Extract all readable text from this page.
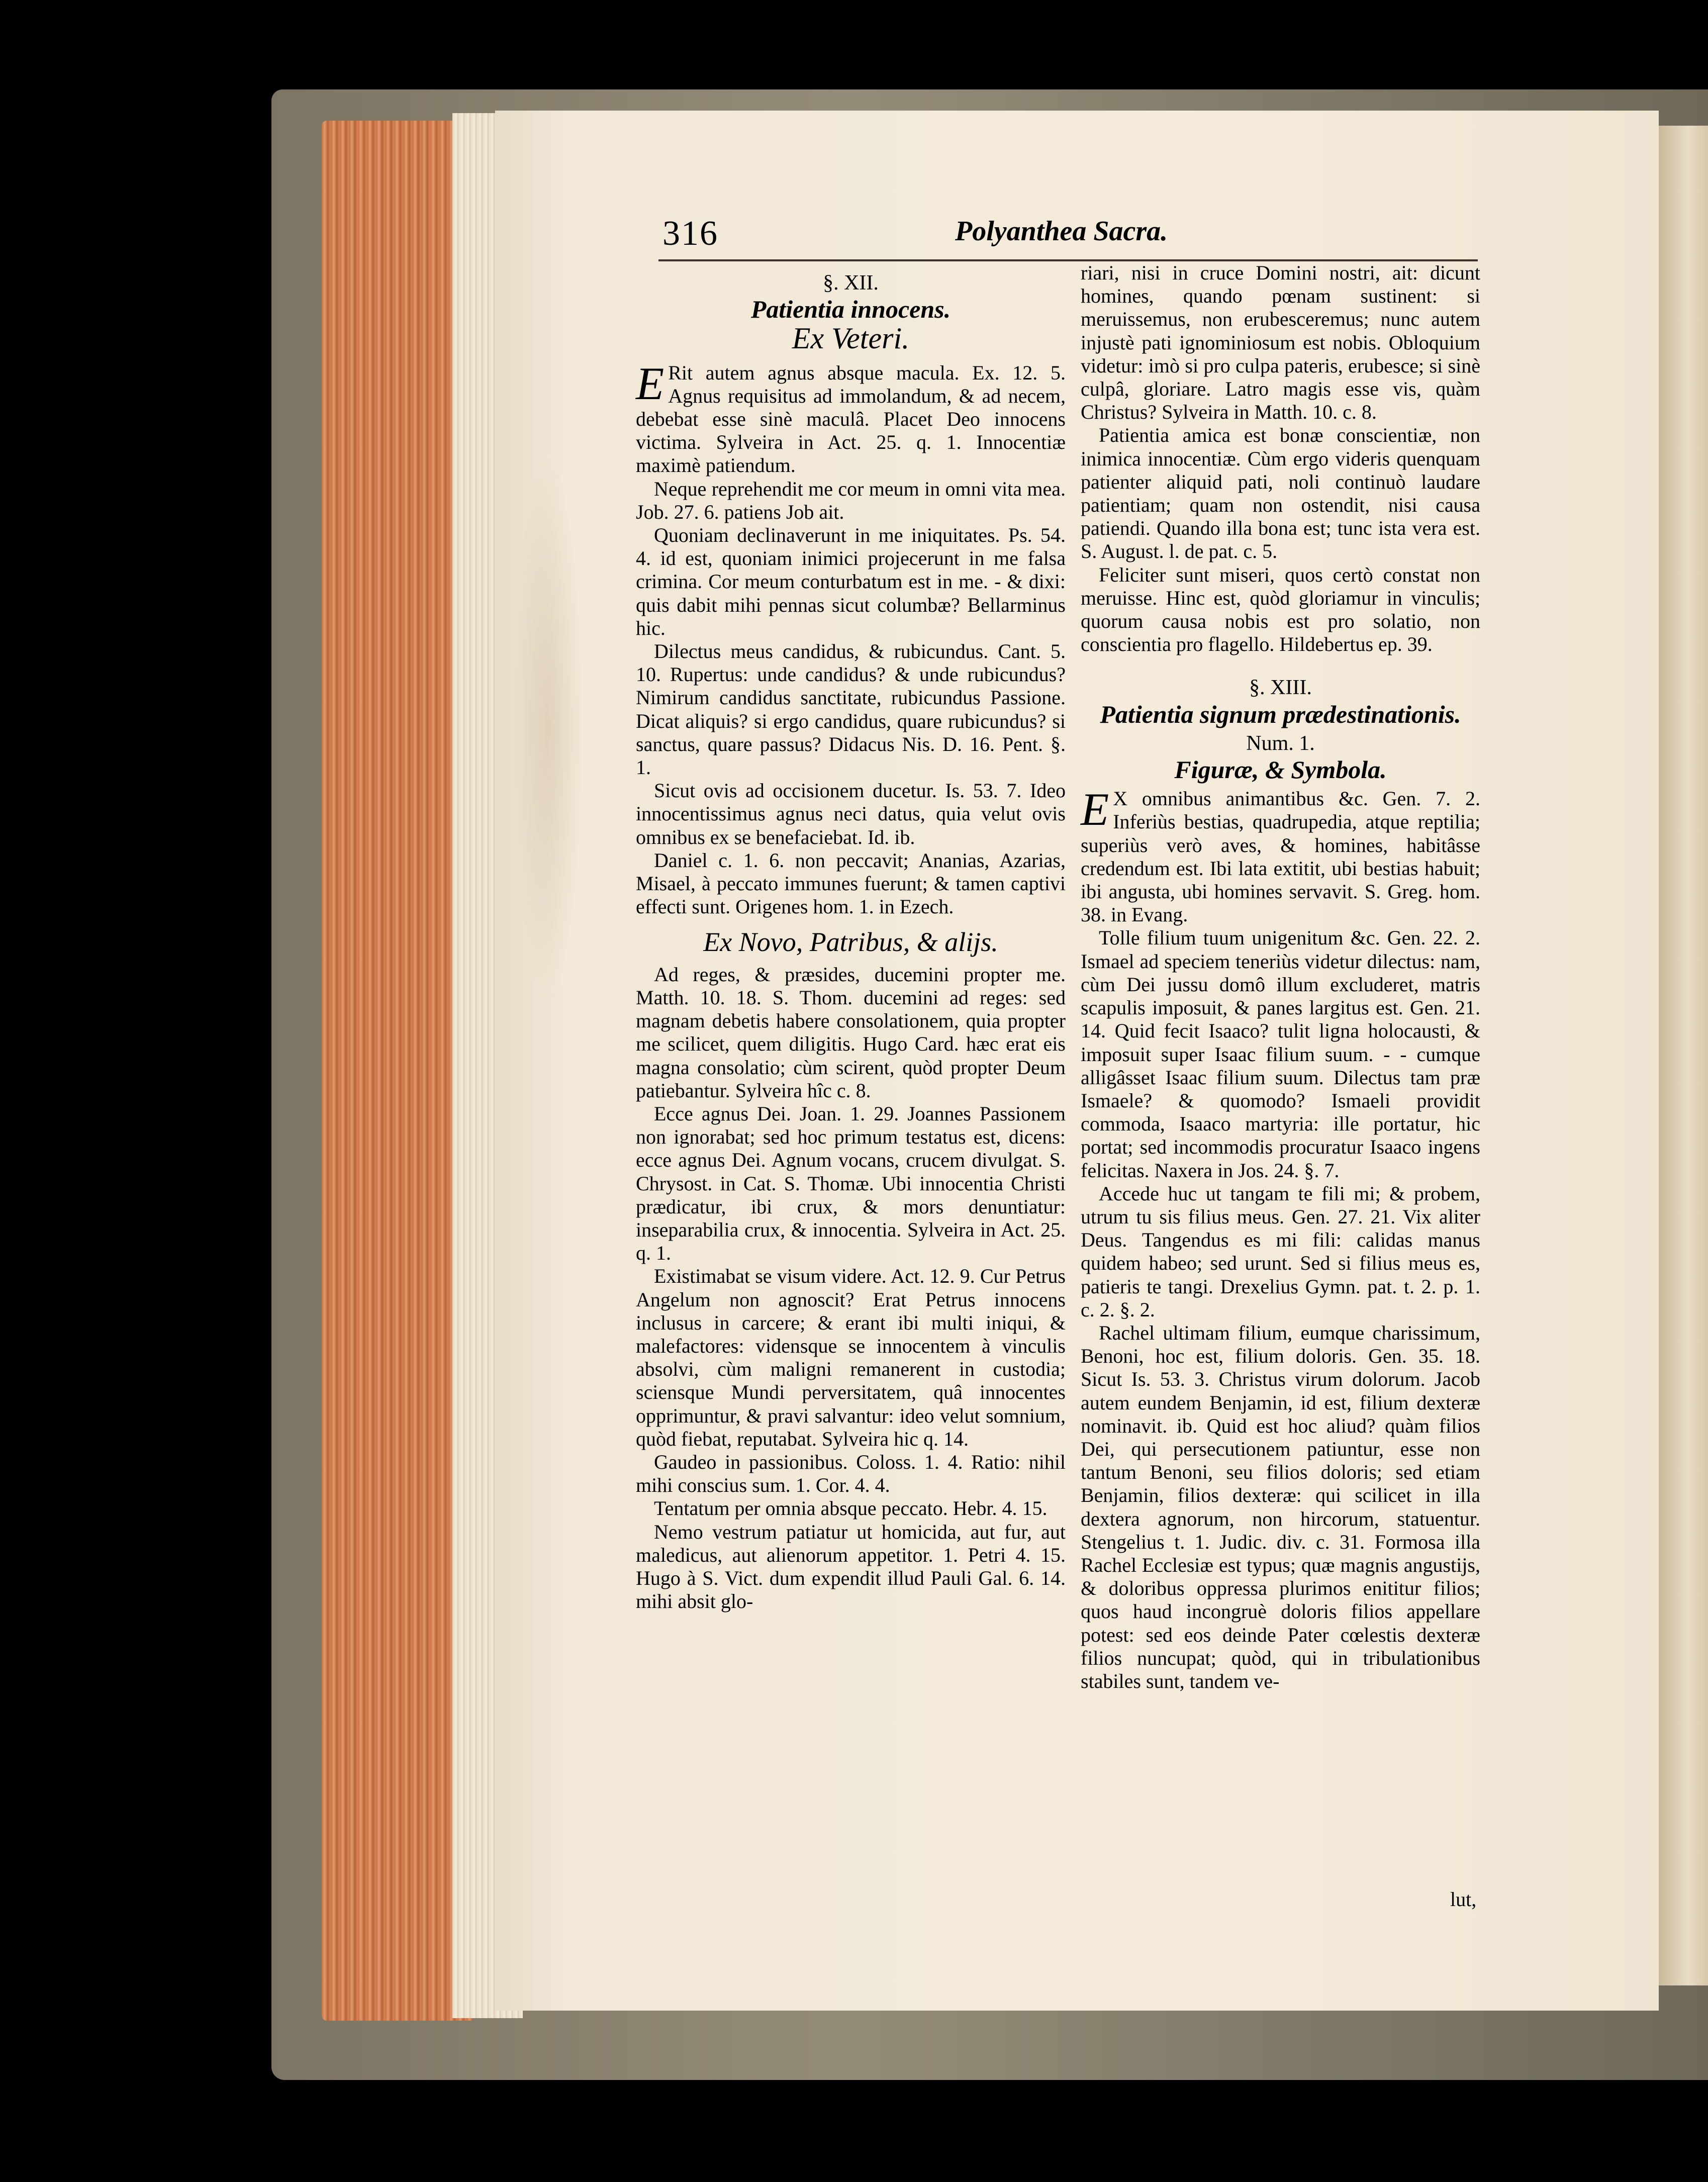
316	Polyanthea Sacra.
§. XII.
Patientia innocens.
Ex Veteri.

E Rit autem agnus absque macula. Ex. 12. 5. Agnus requisitus ad immolandum, & ad necem, debebat esse sinè maculâ. Placet Deo innocens victima. Sylveira in Act. 25. q. 1. Innocentiæ maximè patiendum.

Neque reprehendit me cor meum in omni vita mea. Job. 27. 6. patiens Job ait.

Quoniam declinaverunt in me iniquitates. Ps. 54. 4. id est, quoniam inimici projecerunt in me falsa crimina. Cor meum conturbatum est in me. - & dixi: quis dabit mihi pennas sicut columbæ? Bellarminus hic.

Dilectus meus candidus, & rubicundus. Cant. 5. 10. Rupertus: unde candidus? & unde rubicundus? Nimirum candidus sanctitate, rubicundus Passione. Dicat aliquis? si ergo candidus, quare rubicundus? si sanctus, quare passus? Didacus Nis. D. 16. Pent. §. 1.

Sicut ovis ad occisionem ducetur. Is. 53. 7. Ideo innocentissimus agnus neci datus, quia velut ovis omnibus ex se benefaciebat. Id. ib.

Daniel c. 1. 6. non peccavit; Ananias, Azarias, Misael, à peccato immunes fuerunt; & tamen captivi effecti sunt. Origenes hom. 1. in Ezech.

Ex Novo, Patribus, & alijs.

Ad reges, & præsides, ducemini propter me. Matth. 10. 18. S. Thom. ducemini ad reges: sed magnam debetis habere consolationem, quia propter me scilicet, quem diligitis. Hugo Card. hæc erat eis magna consolatio; cùm scirent, quòd propter Deum patiebantur. Sylveira hîc c. 8.

Ecce agnus Dei. Joan. 1. 29. Joannes Passionem non ignorabat; sed hoc primum testatus est, dicens: ecce agnus Dei. Agnum vocans, crucem divulgat. S. Chrysost. in Cat. S. Thomæ. Ubi innocentia Christi prædicatur, ibi crux, & mors denuntiatur: inseparabilia crux, & innocentia. Sylveira in Act. 25. q. 1.

Existimabat se visum videre. Act. 12. 9. Cur Petrus Angelum non agnoscit? Erat Petrus innocens inclusus in carcere; & erant ibi multi iniqui, & malefactores: vidensque se innocentem à vinculis absolvi, cùm maligni remanerent in custodia; sciensque Mundi perversitatem, quâ innocentes opprimuntur, & pravi salvantur: ideo velut somnium, quòd fiebat, reputabat. Sylveira hic q. 14.

Gaudeo in passionibus. Coloss. 1. 4. Ratio: nihil mihi conscius sum. 1. Cor. 4. 4.

Tentatum per omnia absque peccato. Hebr. 4. 15.

Nemo vestrum patiatur ut homicida, aut fur, aut maledicus, aut alienorum appetitor. 1. Petri 4. 15. Hugo à S. Vict. dum expendit illud Pauli Gal. 6. 14. mihi absit glo-

riari, nisi in cruce Domini nostri, ait: dicunt homines, quando pœnam sustinent: si meruissemus, non erubesceremus; nunc autem injustè pati ignominiosum est nobis. Obloquium videtur: imò si pro culpa pateris, erubesce; si sinè culpâ, gloriare. Latro magis esse vis, quàm Christus? Sylveira in Matth. 10. c. 8.

Patientia amica est bonæ conscientiæ, non inimica innocentiæ. Cùm ergo videris quenquam patienter aliquid pati, noli continuò laudare patientiam; quam non ostendit, nisi causa patiendi. Quando illa bona est; tunc ista vera est. S. August. l. de pat. c. 5.

Feliciter sunt miseri, quos certò constat non meruisse. Hinc est, quòd gloriamur in vinculis; quorum causa nobis est pro solatio, non conscientia pro flagello. Hildebertus ep. 39.

§. XIII.
Patientia signum prædestinationis.
Num. 1.
Figuræ, & Symbola.

E X omnibus animantibus &c. Gen. 7. 2. Inferiùs bestias, quadrupedia, atque reptilia; superiùs verò aves, & homines, habitâsse credendum est. Ibi lata extitit, ubi bestias habuit; ibi angusta, ubi homines servavit. S. Greg. hom. 38. in Evang.

Tolle filium tuum unigenitum &c. Gen. 22. 2. Ismael ad speciem teneriùs videtur dilectus: nam, cùm Dei jussu domô illum excluderet, matris scapulis imposuit, & panes largitus est. Gen. 21. 14. Quid fecit Isaaco? tulit ligna holocausti, & imposuit super Isaac filium suum. - - cumque alligâsset Isaac filium suum. Dilectus tam præ Ismaele? & quomodo? Ismaeli providit commoda, Isaaco martyria: ille portatur, hic portat; sed incommodis procuratur Isaaco ingens felicitas. Naxera in Jos. 24. §. 7.

Accede huc ut tangam te fili mi; & probem, utrum tu sis filius meus. Gen. 27. 21. Vix aliter Deus. Tangendus es mi fili: calidas manus quidem habeo; sed urunt. Sed si filius meus es, patieris te tangi. Drexelius Gymn. pat. t. 2. p. 1. c. 2. §. 2.

Rachel ultimam filium, eumque charissimum, Benoni, hoc est, filium doloris. Gen. 35. 18. Sicut Is. 53. 3. Christus virum dolorum. Jacob autem eundem Benjamin, id est, filium dexteræ nominavit. ib. Quid est hoc aliud? quàm filios Dei, qui persecutionem patiuntur, esse non tantum Benoni, seu filios doloris; sed etiam Benjamin, filios dexteræ: qui scilicet in illa dextera agnorum, non hircorum, statuentur. Stengelius t. 1. Judic. div. c. 31. Formosa illa Rachel Ecclesiæ est typus; quæ magnis angustijs, & doloribus oppressa plurimos enititur filios; quos haud incongruè doloris filios appellare potest: sed eos deinde Pater cœlestis dexteræ filios nuncupat; quòd, qui in tribulationibus stabiles sunt, tandem ve-

lut,
